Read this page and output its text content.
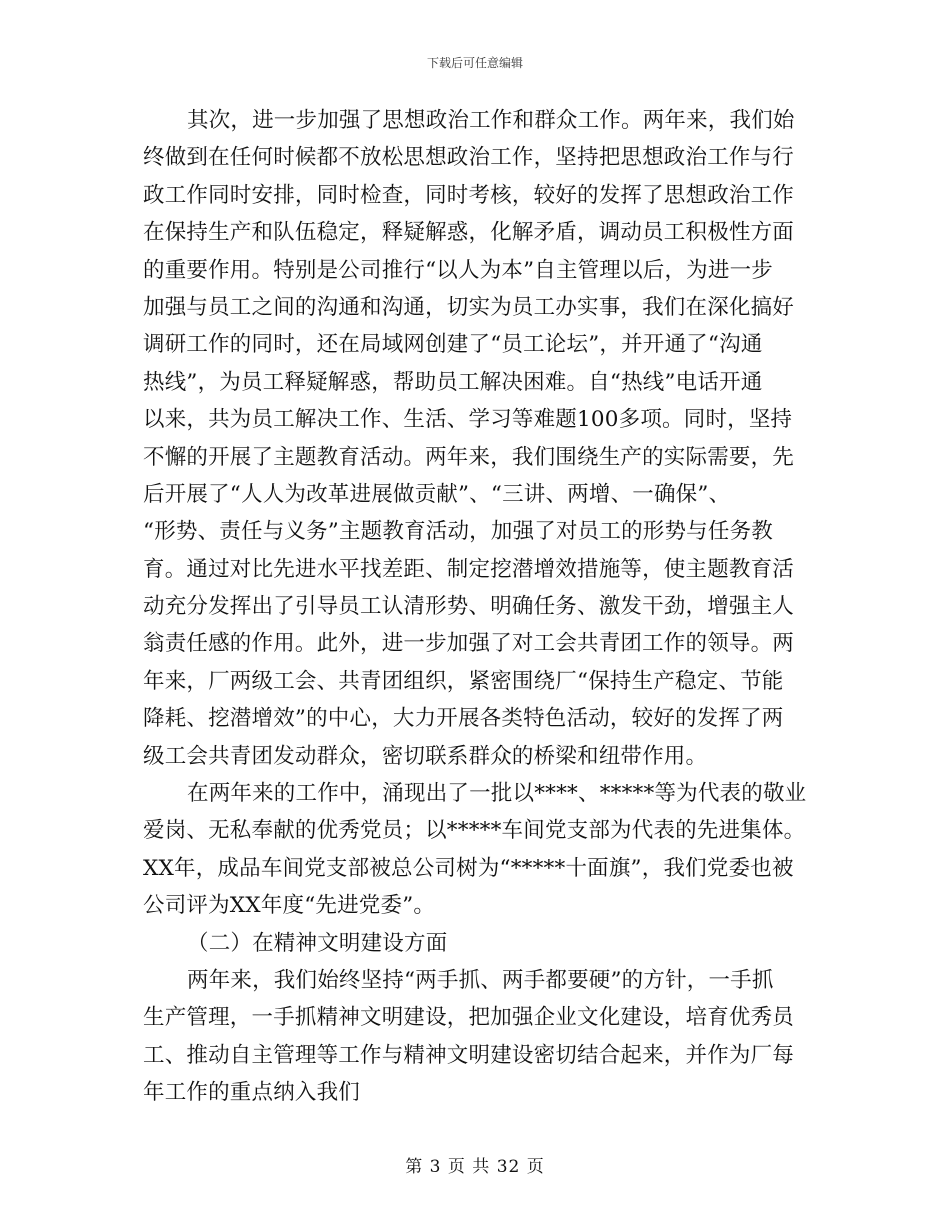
下载后可任意编辑
其次，进一步加强了思想政治工作和群众工作。两年来，我们始
终做到在任何时候都不放松思想政治工作，坚持把思想政治工作与行
政工作同时安排，同时检查，同时考核，较好的发挥了思想政治工作
在保持生产和队伍稳定，释疑解惑，化解矛盾，调动员工积极性方面
的重要作用。特别是公司推行“以人为本”自主管理以后，为进一步
加强与员工之间的沟通和沟通，切实为员工办实事，我们在深化搞好
调研工作的同时，还在局域网创建了“员工论坛”，并开通了“沟通
热线”，为员工释疑解惑，帮助员工解决困难。自“热线”电话开通
以来，共为员工解决工作、生活、学习等难题100多项。同时，坚持
不懈的开展了主题教育活动。两年来，我们围绕生产的实际需要，先
后开展了“人人为改革进展做贡献”、“三讲、两增、一确保”、
“形势、责任与义务”主题教育活动，加强了对员工的形势与任务教
育。通过对比先进水平找差距、制定挖潜增效措施等，使主题教育活
动充分发挥出了引导员工认清形势、明确任务、激发干劲，增强主人
翁责任感的作用。此外，进一步加强了对工会共青团工作的领导。两
年来，厂两级工会、共青团组织，紧密围绕厂“保持生产稳定、节能
降耗、挖潜增效”的中心，大力开展各类特色活动，较好的发挥了两
级工会共青团发动群众，密切联系群众的桥梁和纽带作用。
在两年来的工作中，涌现出了一批以****、*****等为代表的敬业
爱岗、无私奉献的优秀党员；以*****车间党支部为代表的先进集体。
XX年，成品车间党支部被总公司树为“*****十面旗”，我们党委也被
公司评为XX年度“先进党委”。
（二）在精神文明建设方面
两年来，我们始终坚持“两手抓、两手都要硬”的方针，一手抓
生产管理，一手抓精神文明建设，把加强企业文化建设，培育优秀员
工、推动自主管理等工作与精神文明建设密切结合起来，并作为厂每
年工作的重点纳入我们
第 3 页 共 32 页
